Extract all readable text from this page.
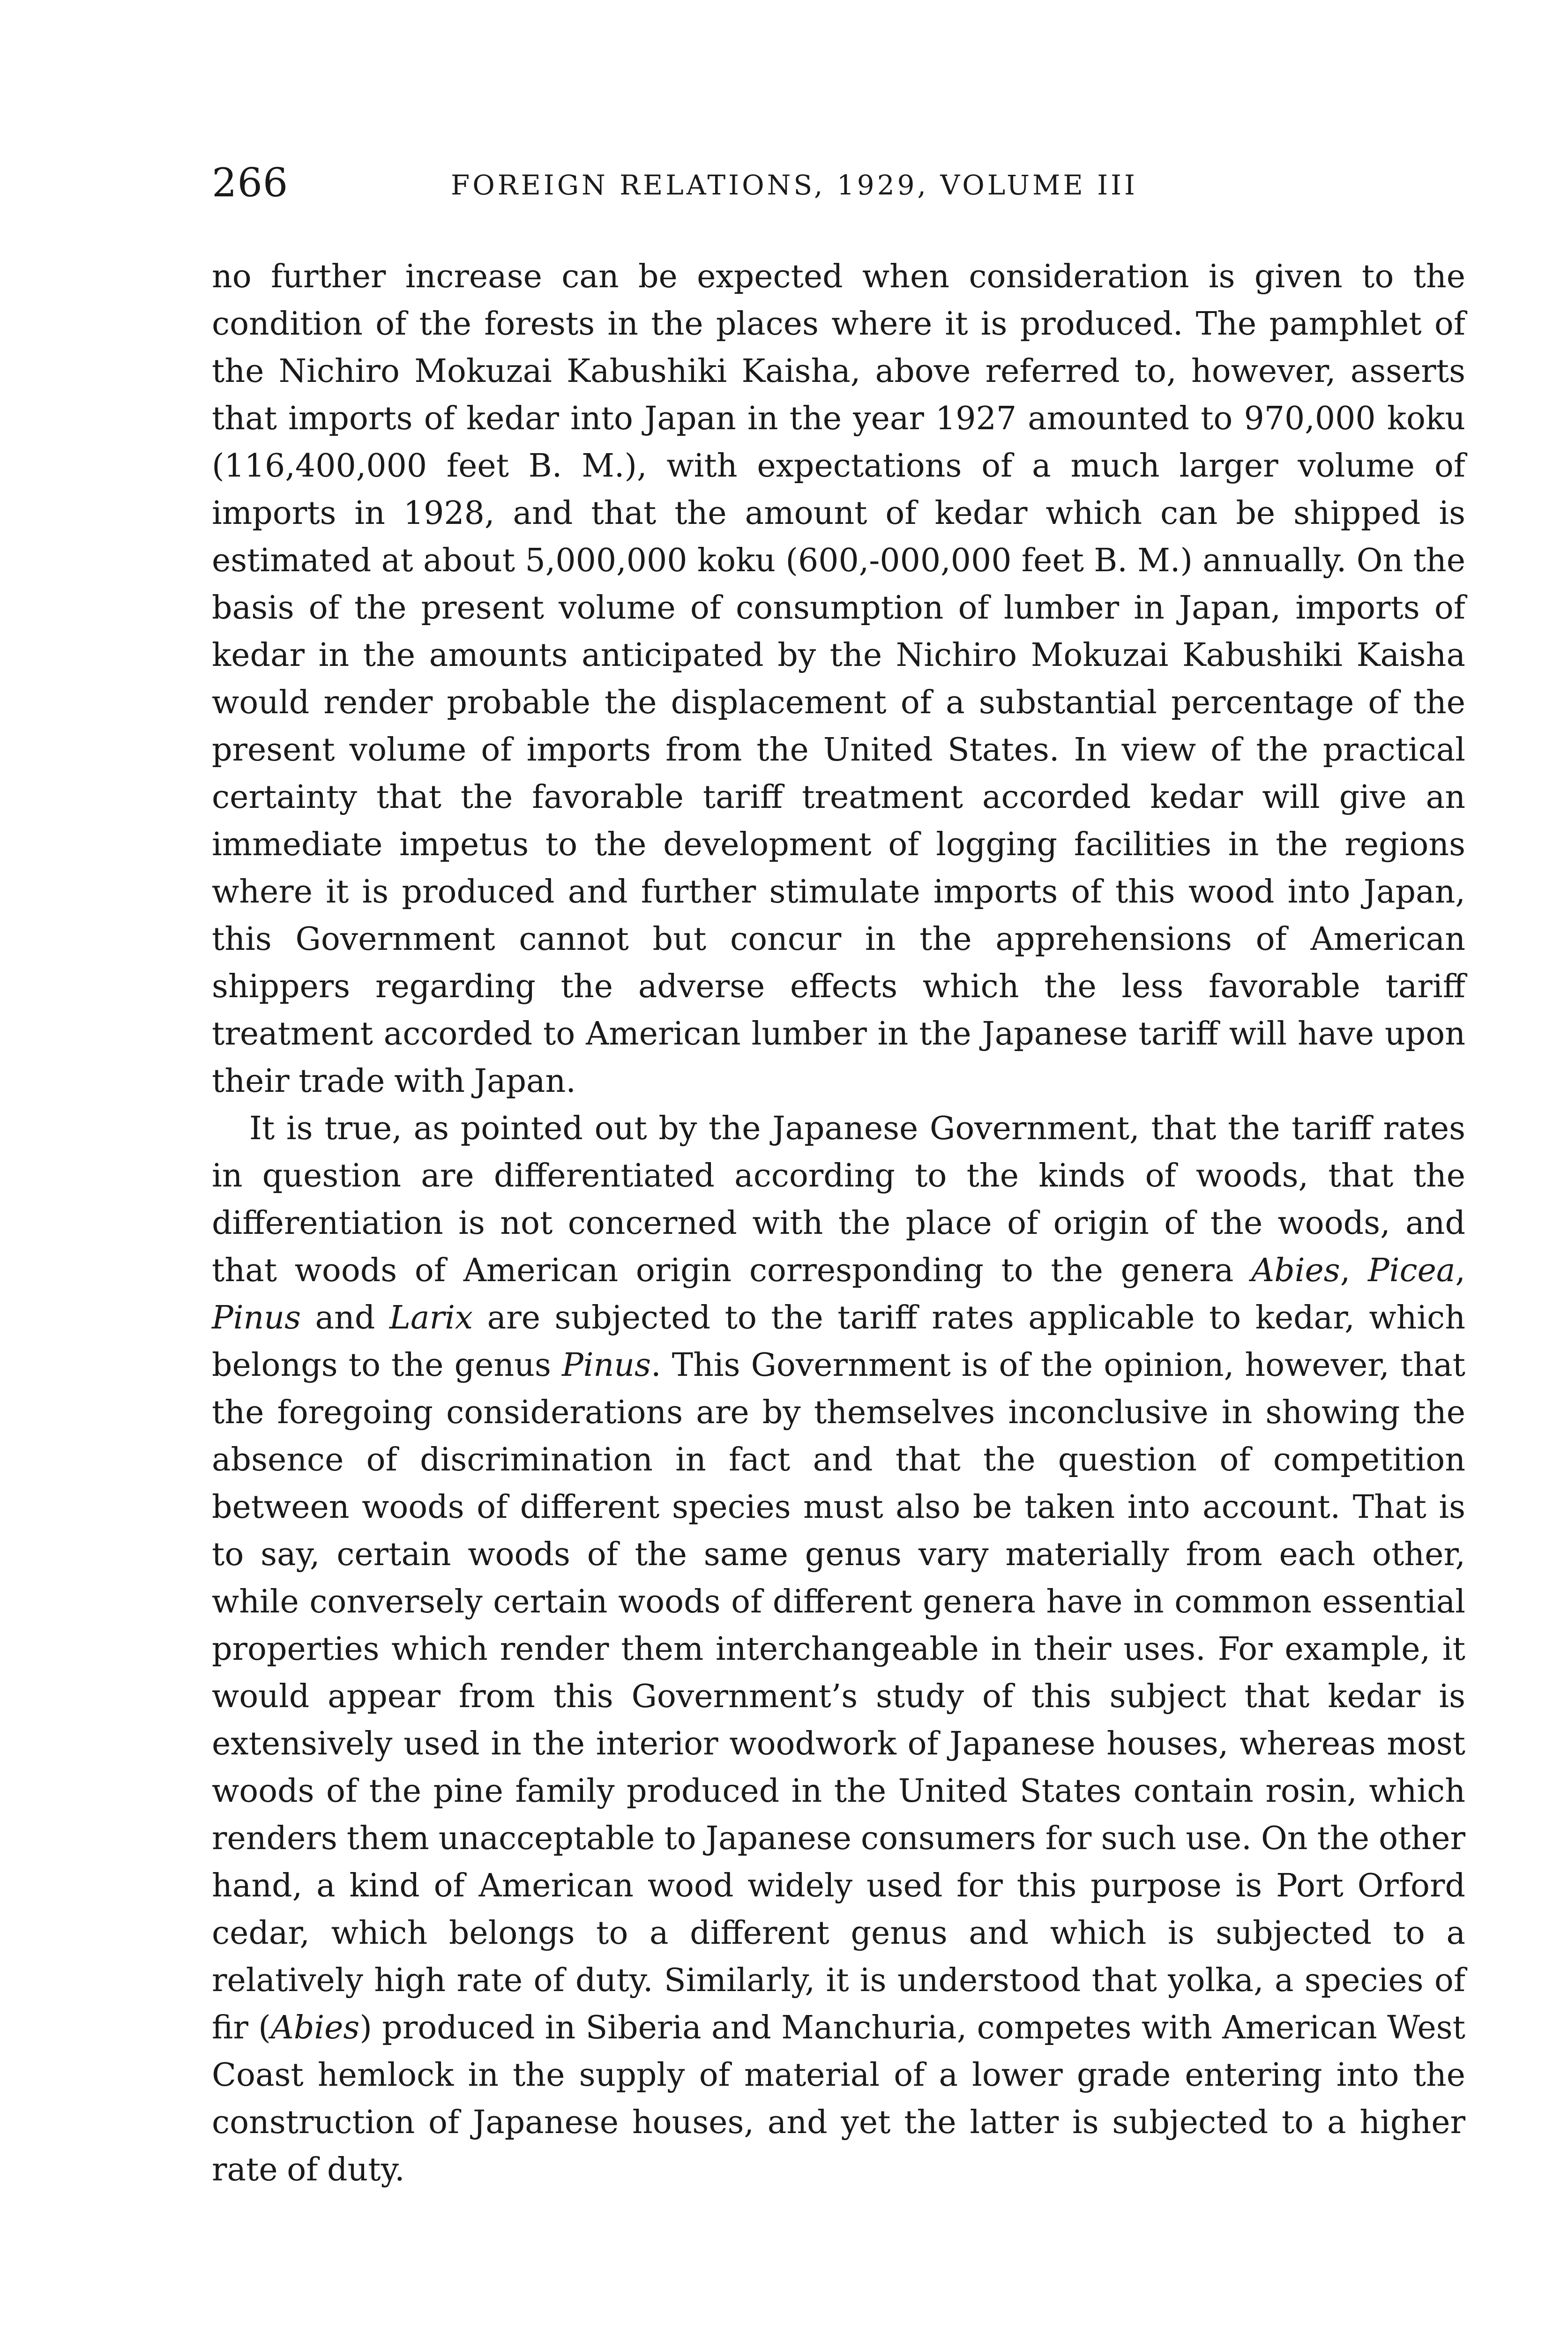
266	FOREIGN RELATIONS, 1929, VOLUME III

no further increase can be expected when consideration is given to the condition of the forests in the places where it is produced. The pamphlet of the Nichiro Mokuzai Kabushiki Kaisha, above referred to, however, asserts that imports of kedar into Japan in the year 1927 amounted to 970,000 koku (116,400,000 feet B. M.), with expectations of a much larger volume of imports in 1928, and that the amount of kedar which can be shipped is estimated at about 5,000,000 koku (600,-000,000 feet B. M.) annually. On the basis of the present volume of consumption of lumber in Japan, imports of kedar in the amounts anticipated by the Nichiro Mokuzai Kabushiki Kaisha would render probable the displacement of a substantial percentage of the present volume of imports from the United States. In view of the practical certainty that the favorable tariff treatment accorded kedar will give an immediate impetus to the development of logging facilities in the regions where it is produced and further stimulate imports of this wood into Japan, this Government cannot but concur in the apprehensions of American shippers regarding the adverse effects which the less favorable tariff treatment accorded to American lumber in the Japanese tariff will have upon their trade with Japan.

It is true, as pointed out by the Japanese Government, that the tariff rates in question are differentiated according to the kinds of woods, that the differentiation is not concerned with the place of origin of the woods, and that woods of American origin corresponding to the genera Abies, Picea, Pinus and Larix are subjected to the tariff rates applicable to kedar, which belongs to the genus Pinus. This Government is of the opinion, however, that the foregoing considerations are by themselves inconclusive in showing the absence of discrimination in fact and that the question of competition between woods of different species must also be taken into account. That is to say, certain woods of the same genus vary materially from each other, while conversely certain woods of different genera have in common essential properties which render them interchangeable in their uses. For example, it would appear from this Government’s study of this subject that kedar is extensively used in the interior woodwork of Japanese houses, whereas most woods of the pine family produced in the United States contain rosin, which renders them unacceptable to Japanese consumers for such use. On the other hand, a kind of American wood widely used for this purpose is Port Orford cedar, which belongs to a different genus and which is subjected to a relatively high rate of duty. Similarly, it is understood that yolka, a species of fir (Abies) produced in Siberia and Manchuria, competes with American West Coast hemlock in the supply of material of a lower grade entering into the construction of Japanese houses, and yet the latter is subjected to a higher rate of duty.
